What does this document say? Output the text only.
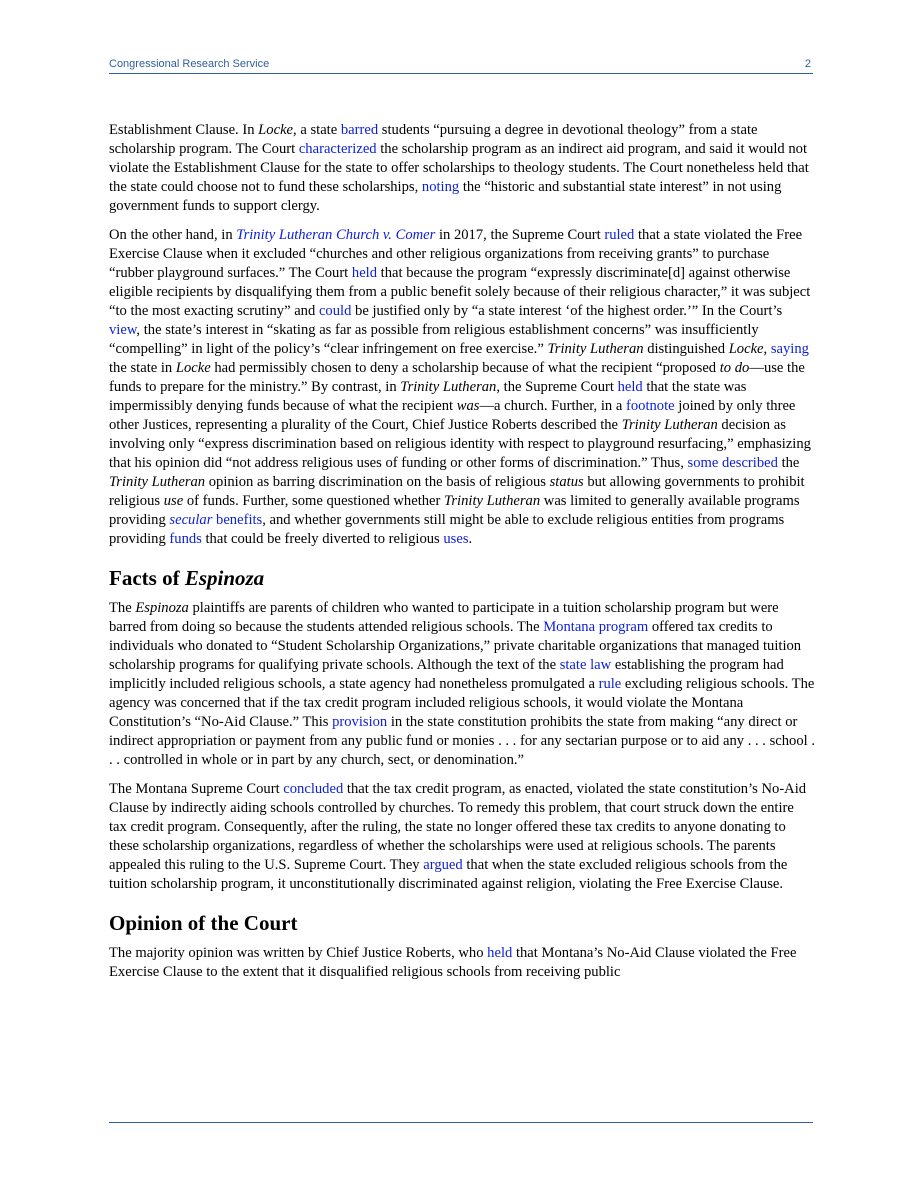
Congressional Research Service	2

Establishment Clause. In Locke, a state barred students “pursuing a degree in devotional theology” from a state scholarship program. The Court characterized the scholarship program as an indirect aid program, and said it would not violate the Establishment Clause for the state to offer scholarships to theology students. The Court nonetheless held that the state could choose not to fund these scholarships, noting the “historic and substantial state interest” in not using government funds to support clergy.

On the other hand, in Trinity Lutheran Church v. Comer in 2017, the Supreme Court ruled that a state violated the Free Exercise Clause when it excluded “churches and other religious organizations from receiving grants” to purchase “rubber playground surfaces.” The Court held that because the program “expressly discriminate[d] against otherwise eligible recipients by disqualifying them from a public benefit solely because of their religious character,” it was subject “to the most exacting scrutiny” and could be justified only by “a state interest ‘of the highest order.’” In the Court’s view, the state’s interest in “skating as far as possible from religious establishment concerns” was insufficiently “compelling” in light of the policy’s “clear infringement on free exercise.” Trinity Lutheran distinguished Locke, saying the state in Locke had permissibly chosen to deny a scholarship because of what the recipient “proposed to do—use the funds to prepare for the ministry.” By contrast, in Trinity Lutheran, the Supreme Court held that the state was impermissibly denying funds because of what the recipient was—a church. Further, in a footnote joined by only three other Justices, representing a plurality of the Court, Chief Justice Roberts described the Trinity Lutheran decision as involving only “express discrimination based on religious identity with respect to playground resurfacing,” emphasizing that his opinion did “not address religious uses of funding or other forms of discrimination.” Thus, some described the Trinity Lutheran opinion as barring discrimination on the basis of religious status but allowing governments to prohibit religious use of funds. Further, some questioned whether Trinity Lutheran was limited to generally available programs providing secular benefits, and whether governments still might be able to exclude religious entities from programs providing funds that could be freely diverted to religious uses.

Facts of Espinoza

The Espinoza plaintiffs are parents of children who wanted to participate in a tuition scholarship program but were barred from doing so because the students attended religious schools. The Montana program offered tax credits to individuals who donated to “Student Scholarship Organizations,” private charitable organizations that managed tuition scholarship programs for qualifying private schools. Although the text of the state law establishing the program had implicitly included religious schools, a state agency had nonetheless promulgated a rule excluding religious schools. The agency was concerned that if the tax credit program included religious schools, it would violate the Montana Constitution’s “No-Aid Clause.” This provision in the state constitution prohibits the state from making “any direct or indirect appropriation or payment from any public fund or monies . . . for any sectarian purpose or to aid any . . . school . . . controlled in whole or in part by any church, sect, or denomination.”

The Montana Supreme Court concluded that the tax credit program, as enacted, violated the state constitution’s No-Aid Clause by indirectly aiding schools controlled by churches. To remedy this problem, that court struck down the entire tax credit program. Consequently, after the ruling, the state no longer offered these tax credits to anyone donating to these scholarship organizations, regardless of whether the scholarships were used at religious schools. The parents appealed this ruling to the U.S. Supreme Court. They argued that when the state excluded religious schools from the tuition scholarship program, it unconstitutionally discriminated against religion, violating the Free Exercise Clause.

Opinion of the Court

The majority opinion was written by Chief Justice Roberts, who held that Montana’s No-Aid Clause violated the Free Exercise Clause to the extent that it disqualified religious schools from receiving public
